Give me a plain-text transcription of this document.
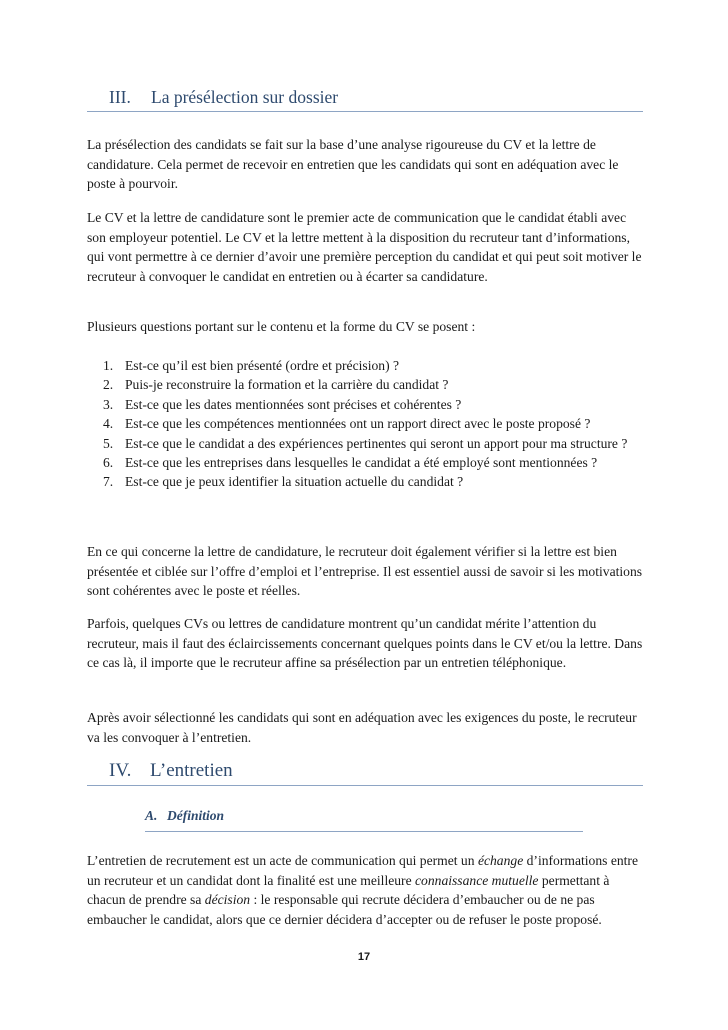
III.	La présélection sur dossier

La présélection des candidats se fait sur la base d’une analyse rigoureuse du CV et la lettre de candidature. Cela permet de recevoir en entretien que les candidats qui sont en adéquation avec le poste à pourvoir.

Le CV et la lettre de candidature sont le premier acte de communication que le candidat établi avec son employeur potentiel. Le CV et la lettre mettent à la disposition du recruteur tant d’informations, qui vont permettre à ce dernier d’avoir une première perception du candidat et qui peut soit motiver le recruteur à convoquer le candidat en entretien ou à écarter sa candidature.

Plusieurs questions portant sur le contenu et la forme du CV se posent :

1. Est-ce qu’il est bien présenté (ordre et précision) ?
2. Puis-je reconstruire la formation et la carrière du candidat ?
3. Est-ce que les dates mentionnées sont précises et cohérentes ?
4. Est-ce que les compétences mentionnées ont un rapport direct avec le poste proposé ?
5. Est-ce que le candidat a des expériences pertinentes qui seront un apport pour ma structure ?
6. Est-ce que les entreprises dans lesquelles le candidat a été employé sont mentionnées ?
7. Est-ce que je peux identifier la situation actuelle du candidat ?

En ce qui concerne la lettre de candidature, le recruteur doit également vérifier si la lettre est bien présentée et ciblée sur l’offre d’emploi et l’entreprise. Il est essentiel aussi de savoir si les motivations sont cohérentes avec le poste et réelles.

Parfois, quelques CVs ou lettres de candidature montrent qu’un candidat mérite l’attention du recruteur, mais il faut des éclaircissements concernant quelques points dans le CV et/ou la lettre. Dans ce cas là, il importe que le recruteur affine sa présélection par un entretien téléphonique.

Après avoir sélectionné les candidats qui sont en adéquation avec les exigences du poste, le recruteur va les convoquer à l’entretien.

IV. L’entretien
A. Définition

L’entretien de recrutement est un acte de communication qui permet un échange d’informations entre un recruteur et un candidat dont la finalité est une meilleure connaissance mutuelle permettant à chacun de prendre sa décision : le responsable qui recrute décidera d’embaucher ou de ne pas embaucher le candidat, alors que ce dernier décidera d’accepter ou de refuser le poste proposé.

17
